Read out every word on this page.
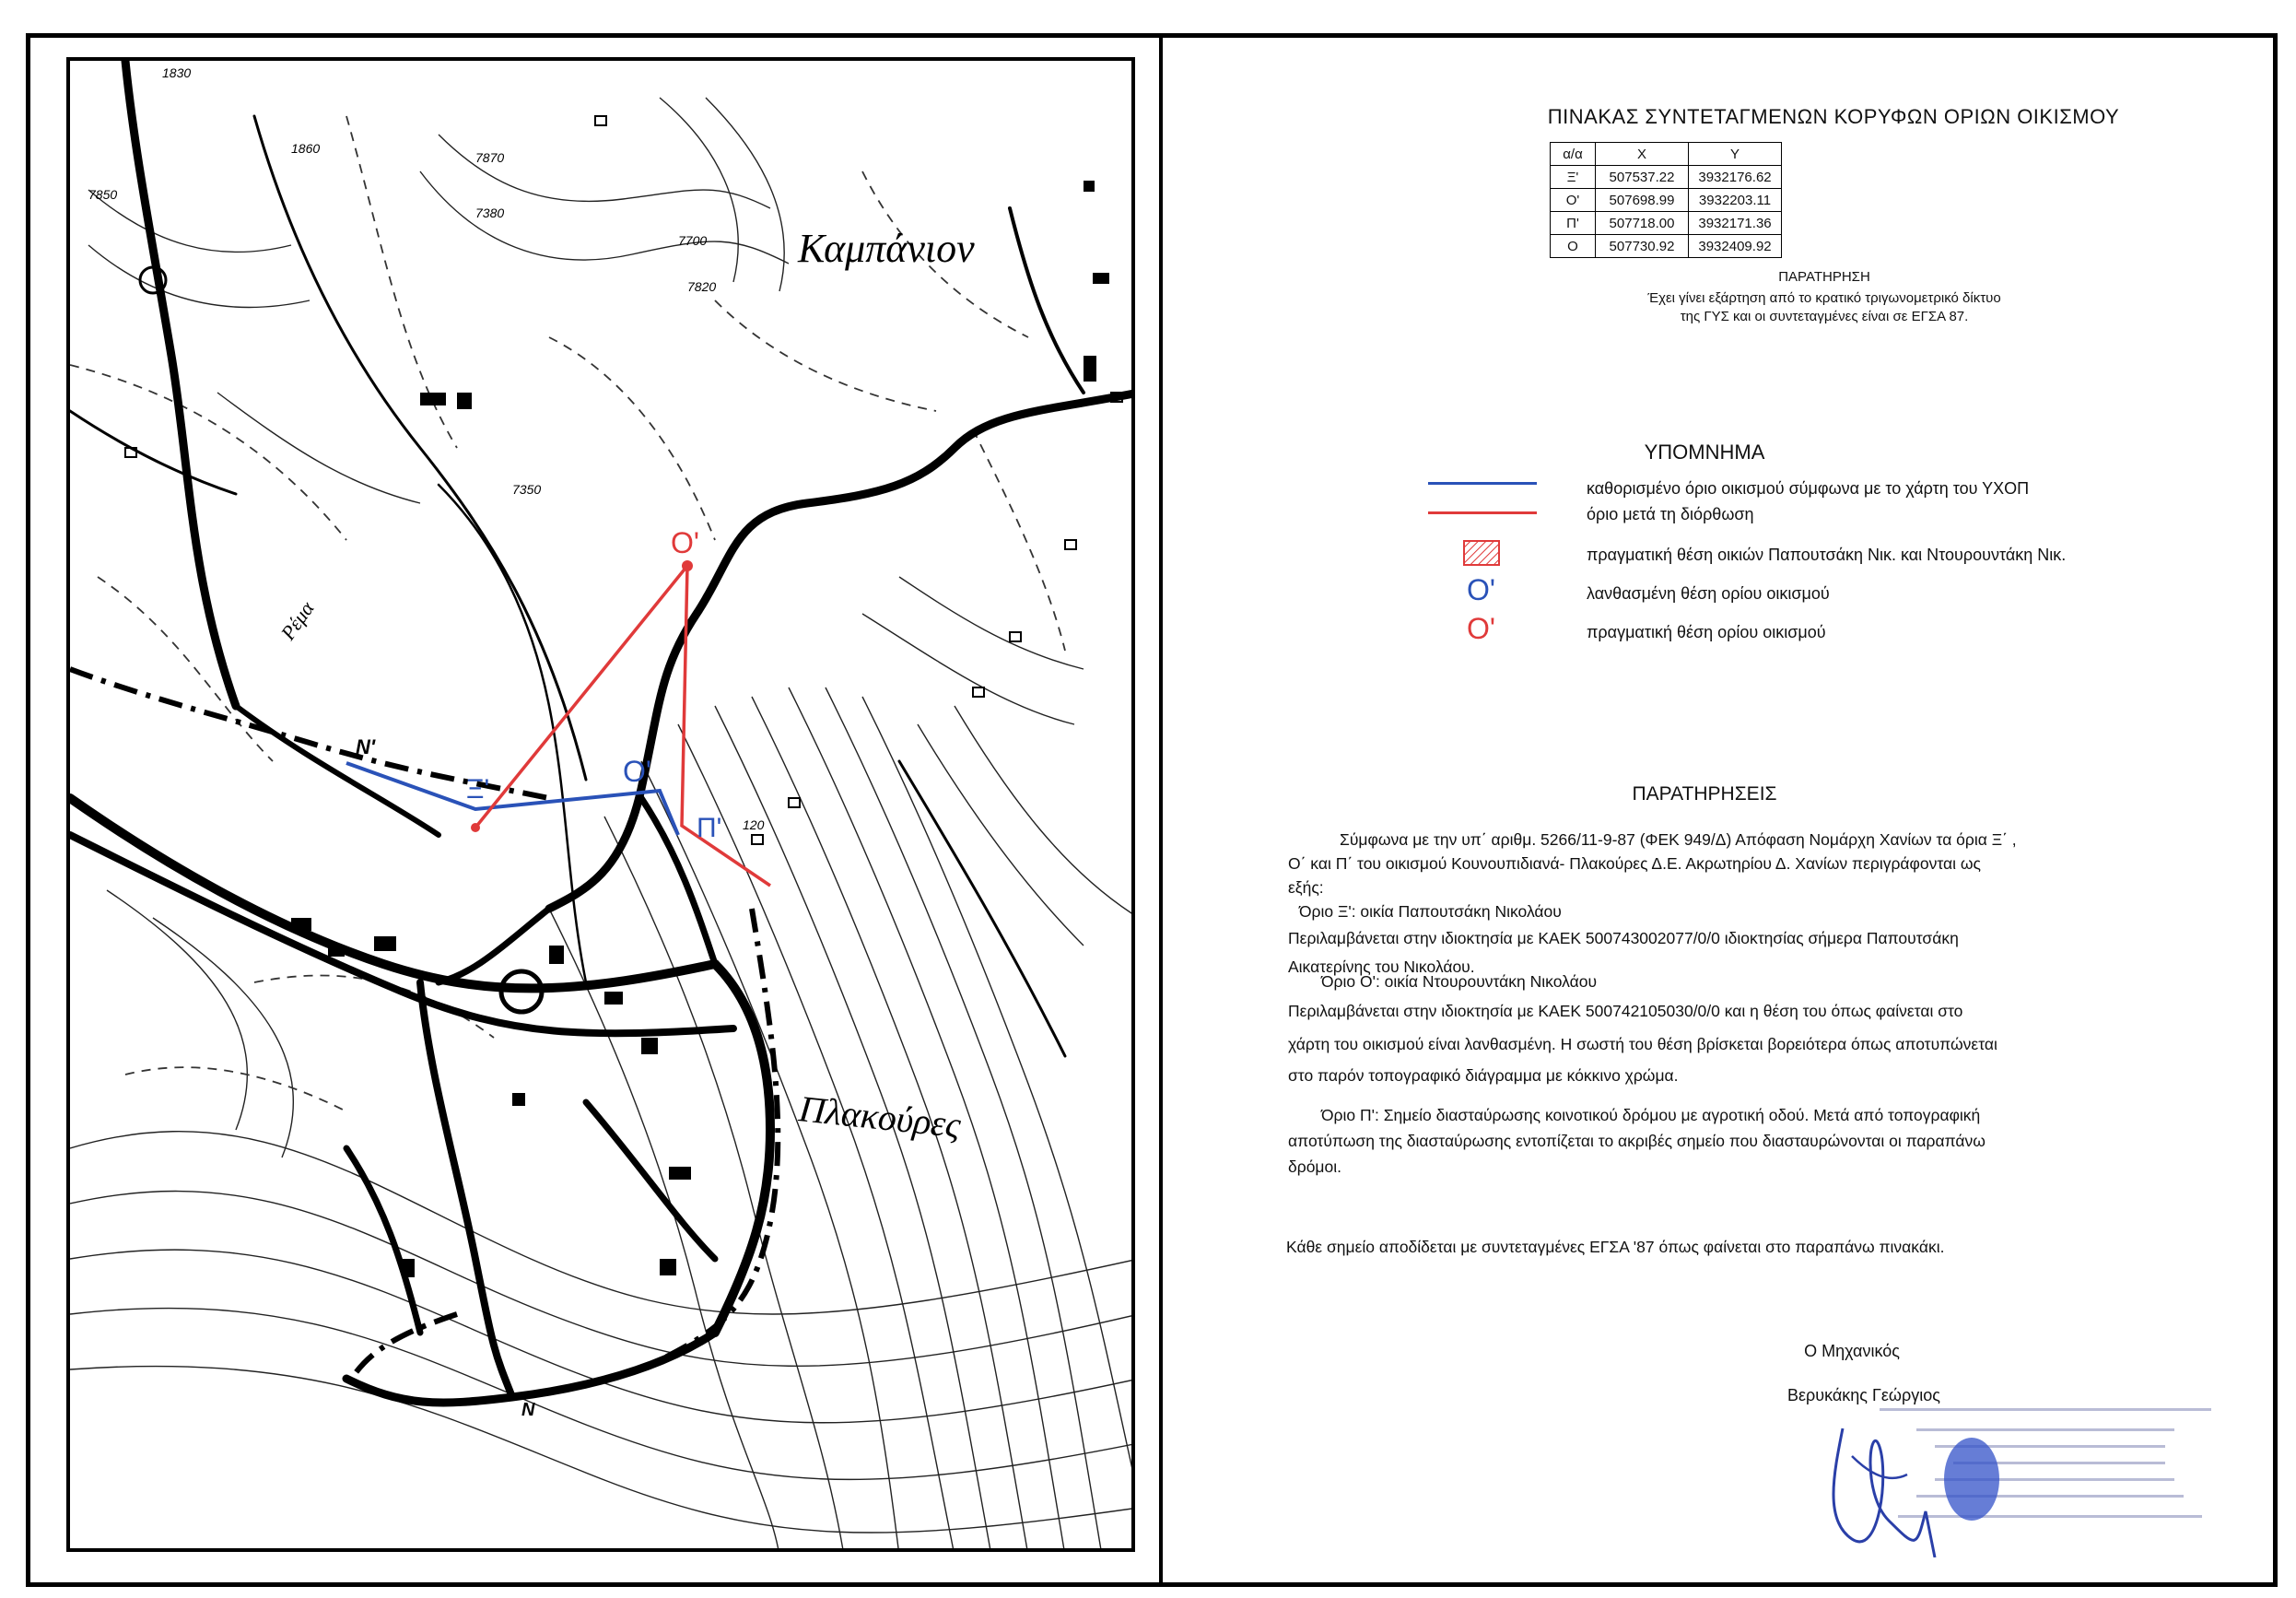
Καμπάνιον
Πλακούρες
Ρέμα
1830
1860
7870
7850
7350
7380
7700
7820
120
Ν'
Ν
Ξ'
Ο'
Ο'
Π'
ΠΙΝΑΚΑΣ ΣΥΝΤΕΤΑΓΜΕΝΩΝ ΚΟΡΥΦΩΝ ΟΡΙΩΝ ΟΙΚΙΣΜΟΥ
α/α	X	Y
Ξ'	507537.22	3932176.62
Ο'	507698.99	3932203.11
Π'	507718.00	3932171.36
Ο	507730.92	3932409.92
ΠΑΡΑΤΗΡΗΣΗ
Έχει γίνει εξάρτηση από το κρατικό τριγωνομετρικό δίκτυο
της ΓΥΣ και οι συντεταγμένες είναι σε ΕΓΣΑ 87.
ΥΠΟΜΝΗΜΑ
καθορισμένο όριο οικισμού σύμφωνα με το χάρτη του ΥΧΟΠ
όριο μετά τη διόρθωση
πραγματική θέση οικιών Παπουτσάκη Νικ. και Ντουρουντάκη Νικ.
Ο'	λανθασμένη θέση ορίου οικισμού
Ο'	πραγματική θέση ορίου οικισμού
ΠΑΡΑΤΗΡΗΣΕΙΣ
Σύμφωνα με την υπ΄ αριθμ. 5266/11-9-87 (ΦΕΚ 949/Δ) Απόφαση Νομάρχη Χανίων τα όρια Ξ΄ ,
Ο΄ και Π΄ του οικισμού Κουνουπιδιανά- Πλακούρες Δ.Ε. Ακρωτηρίου Δ. Χανίων περιγράφονται ως
εξής:
Όριο Ξ': οικία Παπουτσάκη Νικολάου
Περιλαμβάνεται στην ιδιοκτησία με ΚΑΕΚ 500743002077/0/0 ιδιοκτησίας σήμερα Παπουτσάκη
Αικατερίνης του Νικολάου.
Όριο Ο': οικία Ντουρουντάκη Νικολάου
Περιλαμβάνεται στην ιδιοκτησία με ΚΑΕΚ 500742105030/0/0 και η θέση του όπως φαίνεται στο
χάρτη του οικισμού είναι λανθασμένη. Η σωστή του θέση βρίσκεται βορειότερα όπως αποτυπώνεται
στο παρόν τοπογραφικό διάγραμμα με κόκκινο χρώμα.
Όριο Π': Σημείο διασταύρωσης κοινοτικού δρόμου με αγροτική οδού. Μετά από τοπογραφική
αποτύπωση της διασταύρωσης εντοπίζεται το ακριβές σημείο που διασταυρώνονται οι παραπάνω
δρόμοι.
Κάθε σημείο αποδίδεται με συντεταγμένες ΕΓΣΑ '87 όπως φαίνεται στο παραπάνω πινακάκι.
Ο Μηχανικός
Βερυκάκης Γεώργιος
